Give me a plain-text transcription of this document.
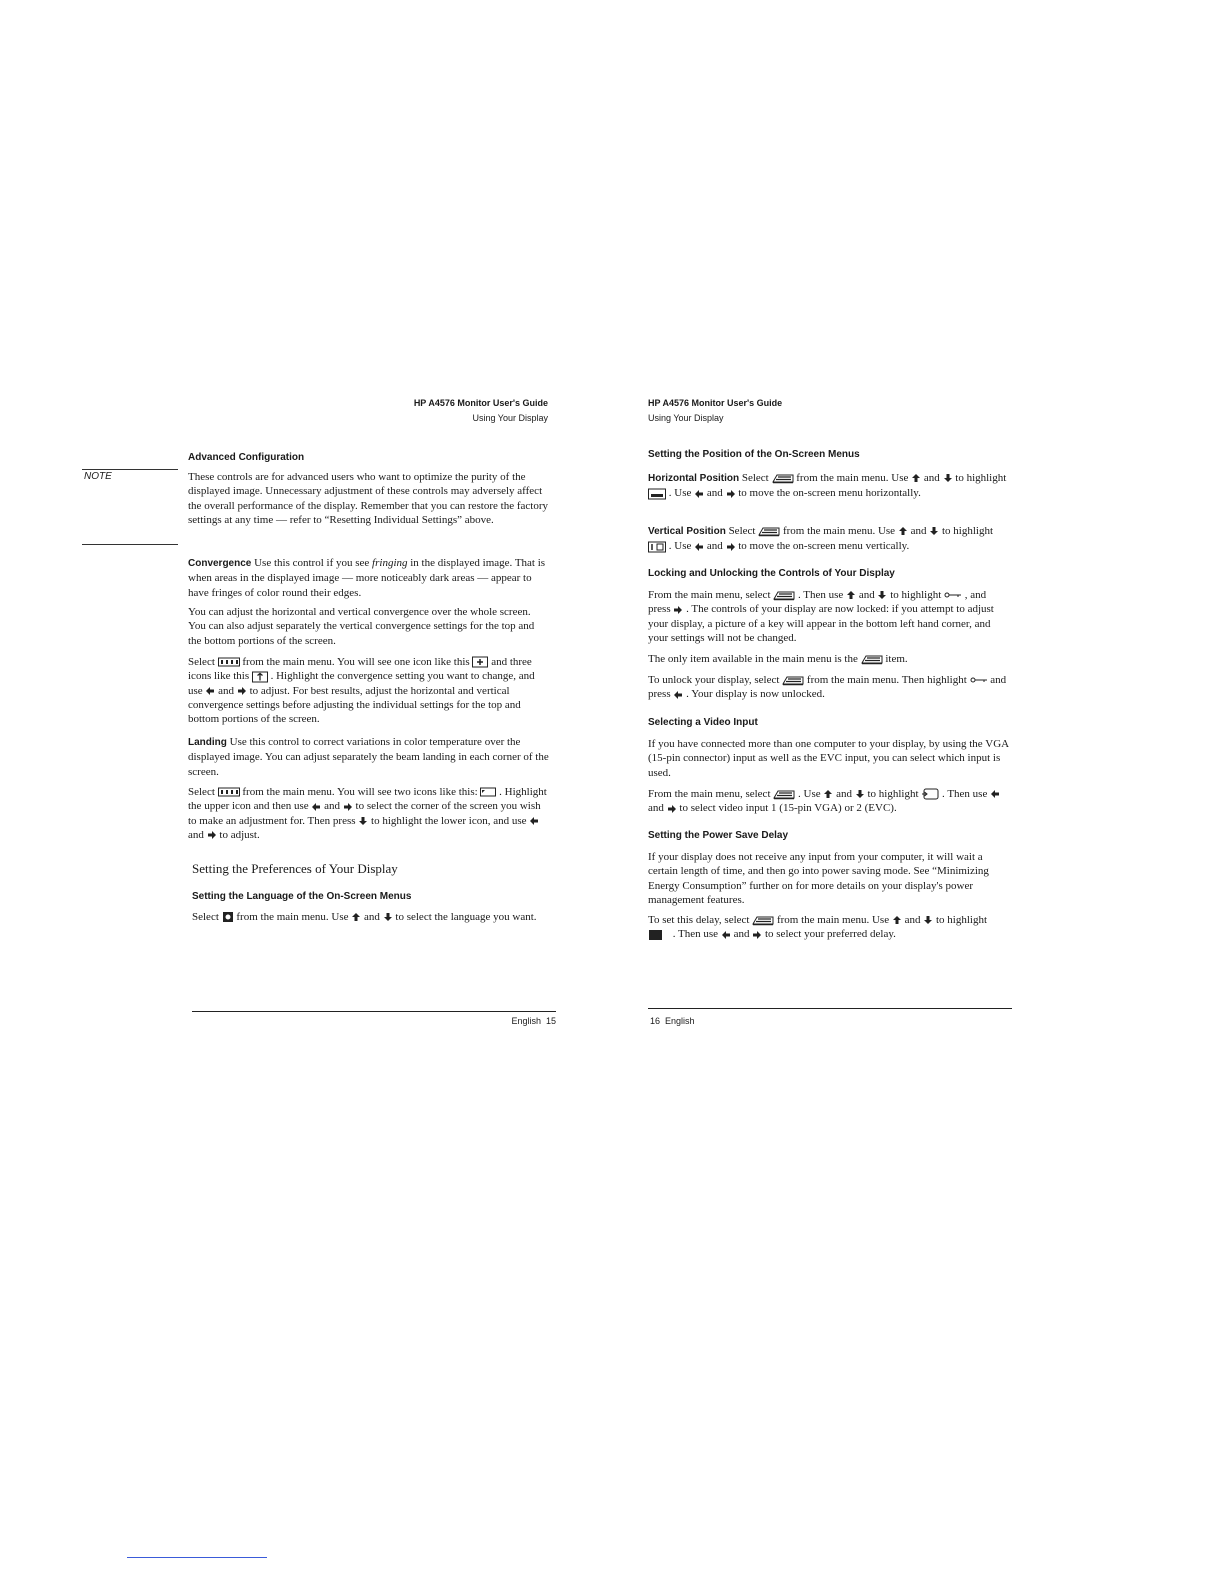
HP A4576 Monitor User's Guide
Using Your Display
Advanced Configuration
NOTE	These controls are for advanced users who want to optimize the purity of the displayed image. Unnecessary adjustment of these controls may adversely affect the overall performance of the display. Remember that you can restore the factory settings at any time — refer to “Resetting Individual Settings” above.

Convergence Use this control if you see fringing in the displayed image. That is when areas in the displayed image — more noticeably dark areas — appear to have fringes of color round their edges.

You can adjust the horizontal and vertical convergence over the whole screen. You can also adjust separately the vertical convergence settings for the top and the bottom portions of the screen.

Select	from the main menu. You will see one icon like this and three icons like this . Highlight the convergence setting you want to change, and use and to adjust. For best results, adjust the horizontal and vertical convergence settings before adjusting the individual settings for the top and bottom portions of the screen.

Landing Use this control to correct variations in color temperature over the displayed image. You can adjust separately the beam landing in each corner of the screen.

Select	from the main menu. You will see two icons like this: . Highlight the upper icon and then use and to select the corner of the screen you wish to make an adjustment for. Then press to highlight the lower icon, and use  and to adjust.

Setting the Preferences of Your Display
Setting the Language of the On-Screen Menus

Select from the main menu. Use and to select the language you want.

English  15
HP A4576 Monitor User's Guide
Using Your Display
Setting the Position of the On-Screen Menus

Horizontal Position Select	from the main menu. Use and to highlight  . Use and to move the on-screen menu horizontally.

Vertical Position Select	from the main menu. Use and to highlight  . Use and to move the on-screen menu vertically.

Locking and Unlocking the Controls of Your Display

From the main menu, select	. Then use and to highlight , and press . The controls of your display are now locked: if you attempt to adjust your display, a picture of a key will appear in the bottom left hand corner, and your settings will not be changed.

The only item available in the main menu is the	item.

To unlock your display, select	from the main menu. Then highlight and press . Your display is now unlocked.

Selecting a Video Input

If you have connected more than one computer to your display, by using the VGA (15-pin connector) input as well as the EVC input, you can select which input is used.

From the main menu, select	. Use and to highlight . Then use  and to select video input 1 (15-pin VGA) or 2 (EVC).

Setting the Power Save Delay

If your display does not receive any input from your computer, it will wait a certain length of time, and then go into power saving mode. See “Minimizing Energy Consumption” further on for more details on your display's power management features.

To set this delay, select	from the main menu. Use and to highlight  . Then use and to select your preferred delay.

16  English
